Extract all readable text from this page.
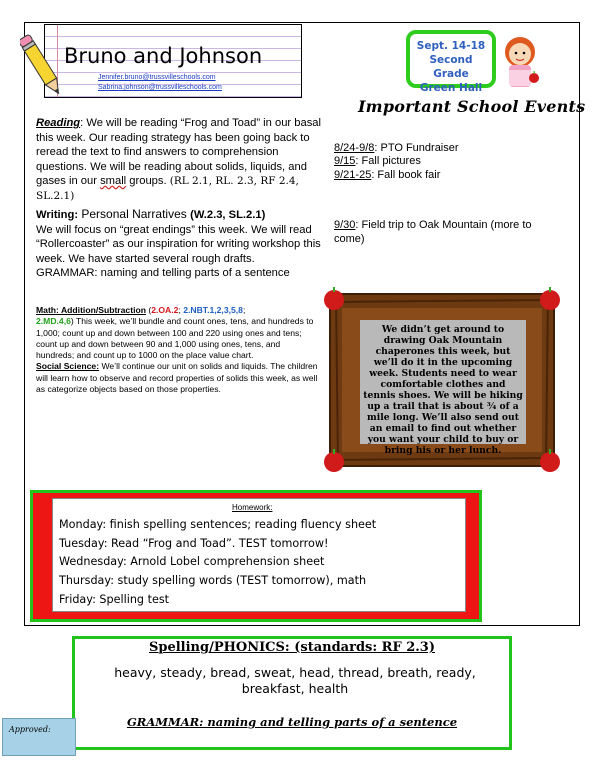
Bruno and Johnson
Jennifer.bruno@trussvilleschools.com
Sabrina.johnson@trussvilleschools.com
Sept. 14-18
Second Grade
Green Hall
Important School Events
8/24-9/8: PTO Fundraiser
9/15: Fall pictures
9/21-25: Fall book fair
9/30: Field trip to Oak Mountain (more to come)
Reading: We will be reading “Frog and Toad” in our basal this week. Our reading strategy has been going back to reread the text to find answers to comprehension questions. We will be reading about solids, liquids, and gases in our small groups. (RL 2.1, RL. 2.3, RF 2.4, SL.2.1)
Writing: Personal Narratives (W.2.3, SL.2.1)
We will focus on “great endings” this week. We will read “Rollercoaster” as our inspiration for writing workshop this week. We have started several rough drafts.
GRAMMAR: naming and telling parts of a sentence
Math: Addition/Subtraction (2.OA.2; 2.NBT.1,2,3,5,8;
2.MD.4,6) This week, we’ll bundle and count ones, tens, and hundreds to 1,000; count up and down between 100 and 220 using ones and tens; count up and down between 90 and 1,000 using ones, tens, and hundreds; and count up to 1000 on the place value chart.
Social Science: We’ll continue our unit on solids and liquids. The children will learn how to observe and record properties of solids this week, as well as categorize objects based on those properties.
We didn’t get around to drawing Oak Mountain chaperones this week, but we’ll do it in the upcoming week. Students need to wear comfortable clothes and tennis shoes. We will be hiking up a trail that is about ¾ of a mile long. We’ll also send out an email to find out whether you want your child to buy or bring his or her lunch.
Homework:
Monday: finish spelling sentences; reading fluency sheet
Tuesday: Read “Frog and Toad”. TEST tomorrow!
Wednesday: Arnold Lobel comprehension sheet
Thursday: study spelling words (TEST tomorrow), math
Friday: Spelling test
Spelling/PHONICS: (standards: RF 2.3)
heavy, steady, bread, sweat, head, thread, breath, ready, breakfast, health
GRAMMAR: naming and telling parts of a sentence
Approved:
